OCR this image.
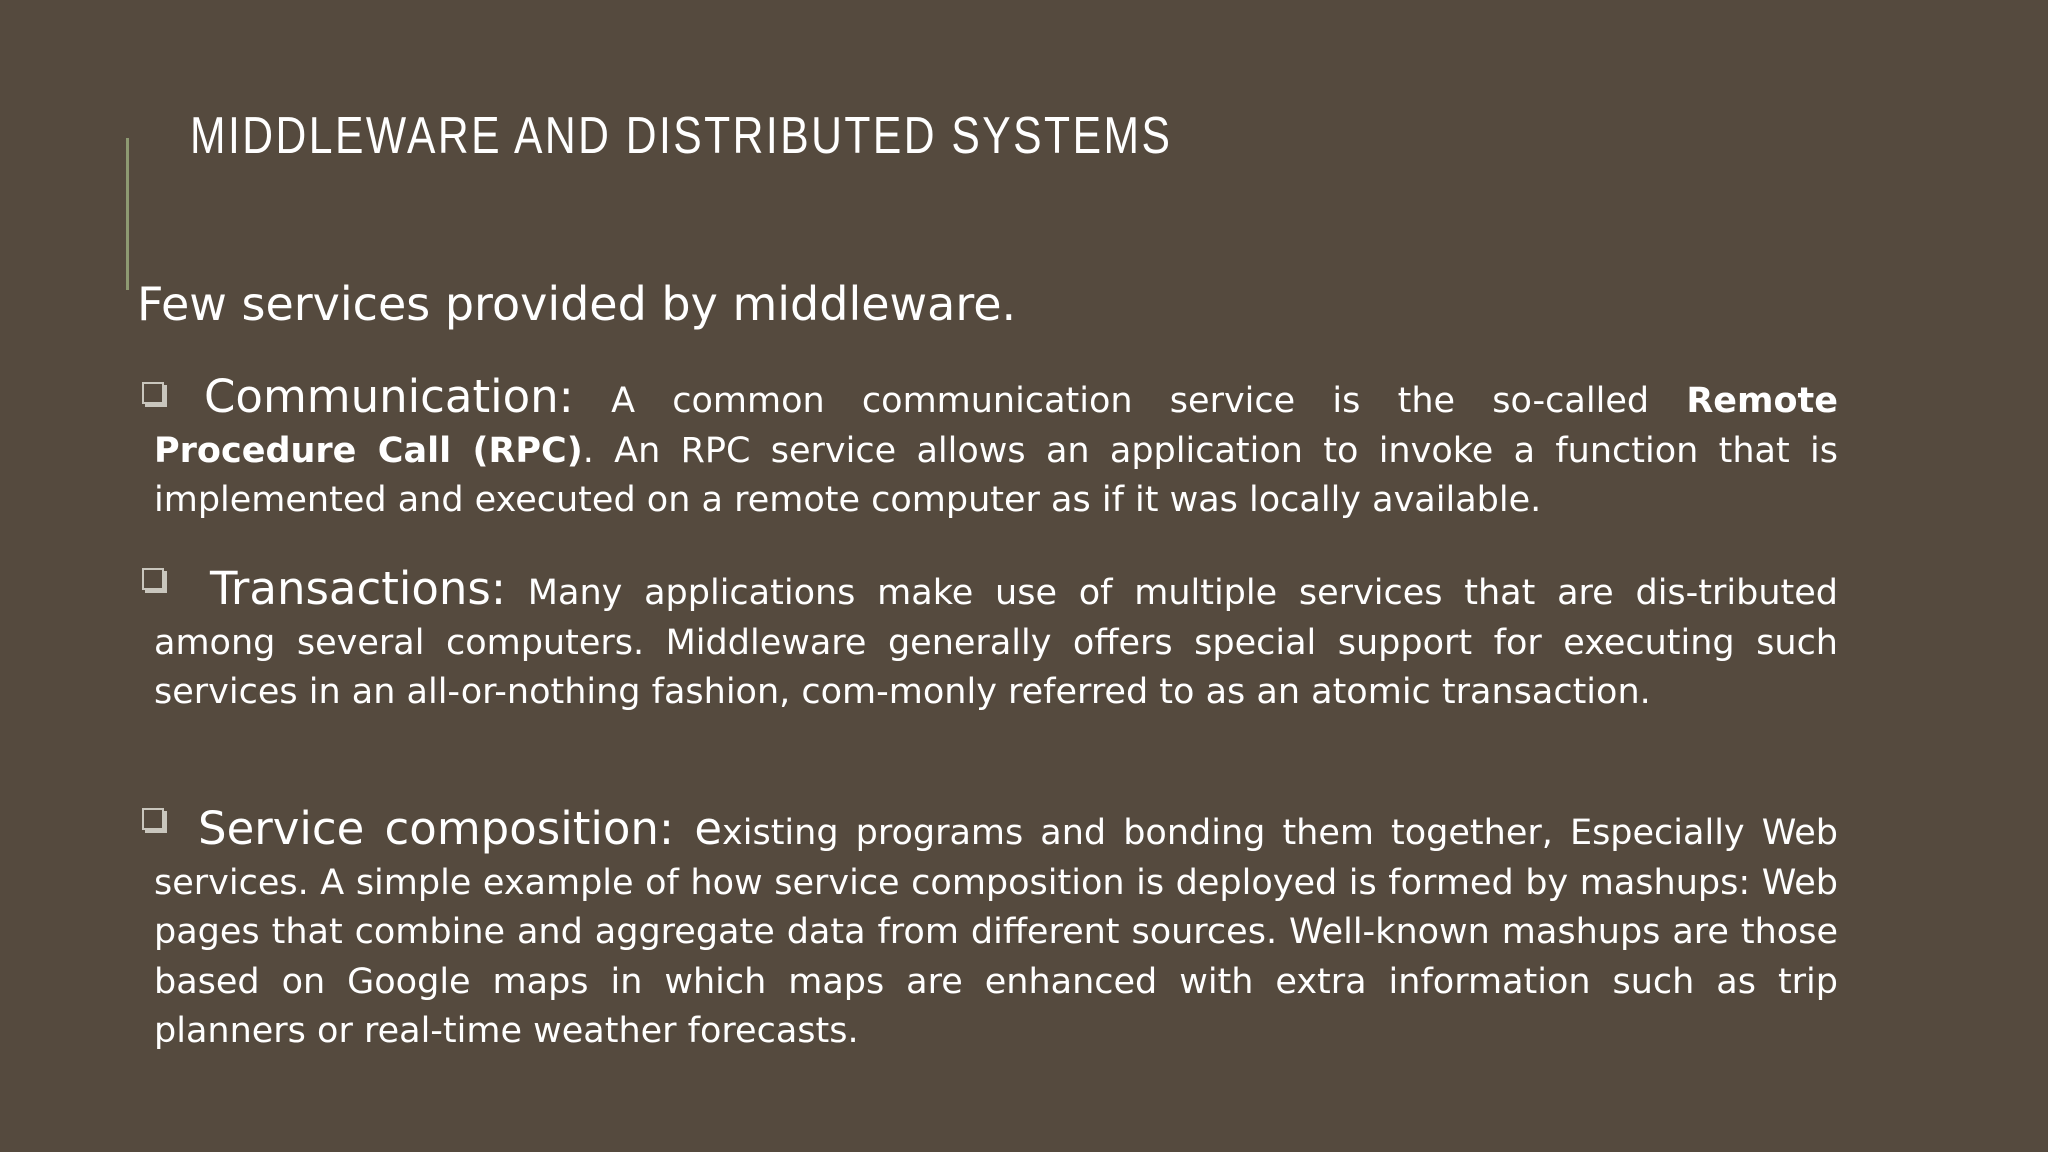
MIDDLEWARE AND DISTRIBUTED SYSTEMS

Few services provided by middleware.

Communication: A common communication service is the so-called Remote Procedure Call (RPC). An RPC service allows an application to invoke a function that is implemented and executed on a remote computer as if it was locally available.

Transactions: Many applications make use of multiple services that are dis-tributed among several computers. Middleware generally offers special support for executing such services in an all-or-nothing fashion, com-monly referred to as an atomic transaction.

Service composition: existing programs and bonding them together, Especially Web services. A simple example of how service composition is deployed is formed by mashups: Web pages that combine and aggregate data from different sources. Well-known mashups are those based on Google maps in which maps are enhanced with extra information such as trip planners or real-time weather forecasts.
